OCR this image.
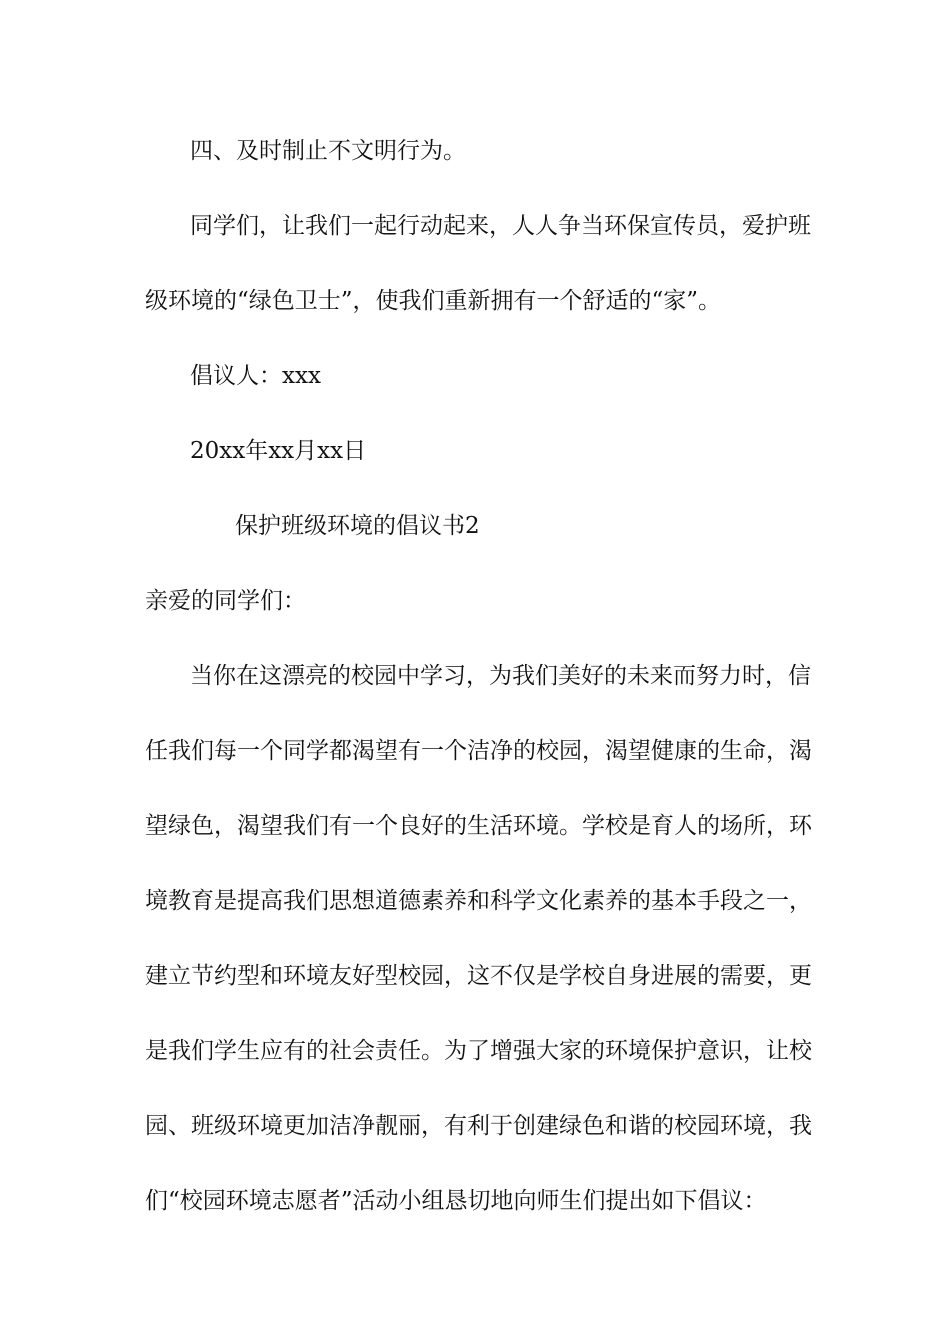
四、及时制止不文明行为。

同学们，让我们一起行动起来，人人争当环保宣传员，爱护班

级环境的“绿色卫士”，使我们重新拥有一个舒适的“家”。

倡议人：xxx

20xx年xx月xx日

保护班级环境的倡议书2

亲爱的同学们：

当你在这漂亮的校园中学习，为我们美好的未来而努力时，信

任我们每一个同学都渴望有一个洁净的校园，渴望健康的生命，渴

望绿色，渴望我们有一个良好的生活环境。学校是育人的场所，环

境教育是提高我们思想道德素养和科学文化素养的基本手段之一，

建立节约型和环境友好型校园，这不仅是学校自身进展的需要，更

是我们学生应有的社会责任。为了增强大家的环境保护意识，让校

园、班级环境更加洁净靓丽，有利于创建绿色和谐的校园环境，我

们“校园环境志愿者”活动小组恳切地向师生们提出如下倡议：
